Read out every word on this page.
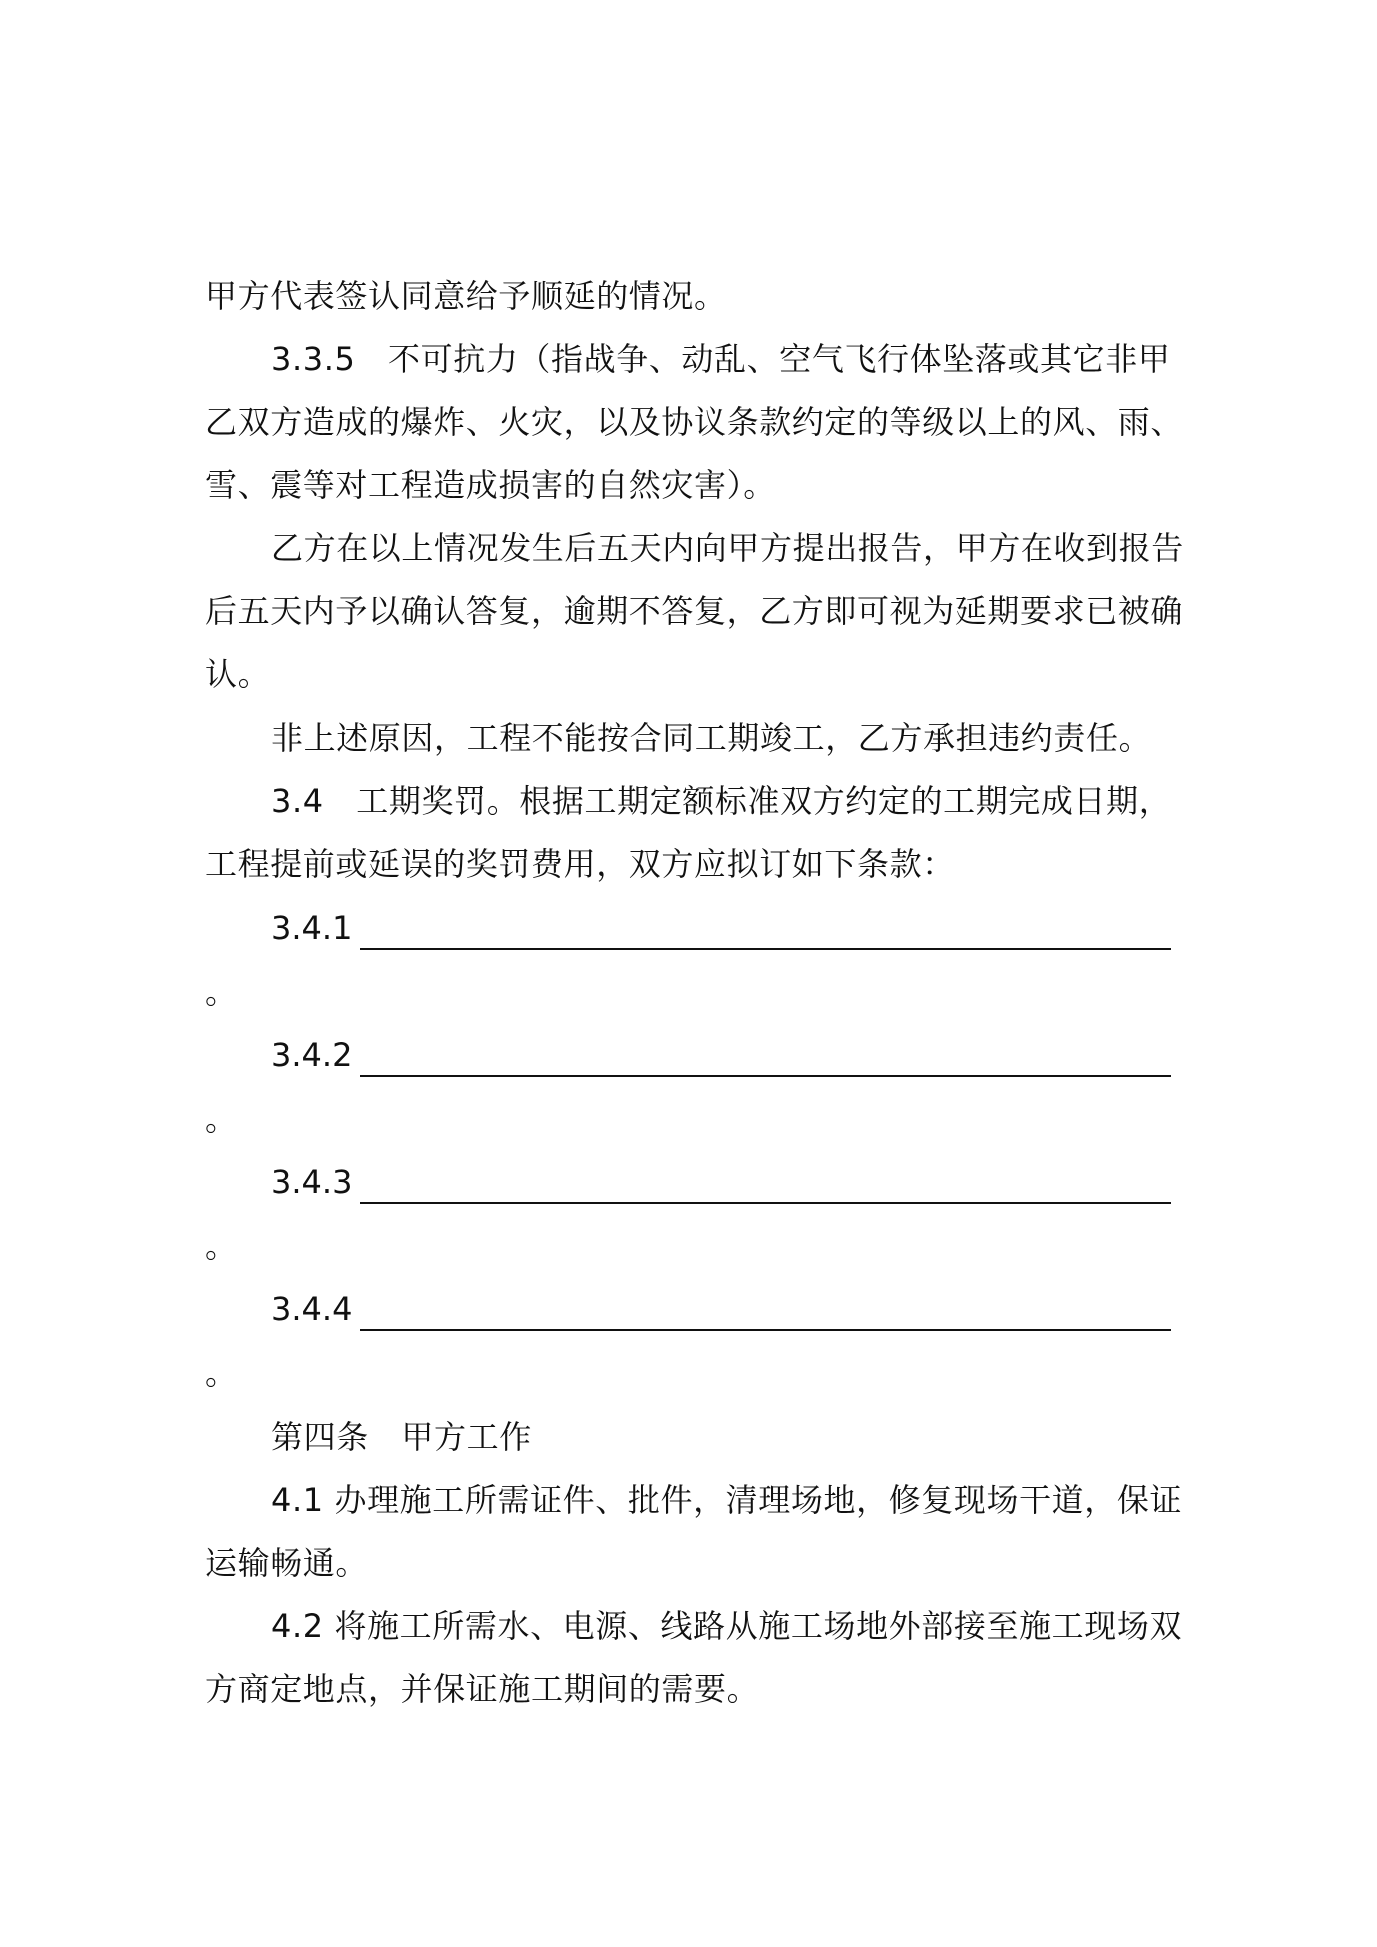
甲方代表签认同意给予顺延的情况。
3.3.5　不可抗力（指战争、动乱、空气飞行体坠落或其它非甲
乙双方造成的爆炸、火灾，以及协议条款约定的等级以上的风、雨、
雪、震等对工程造成损害的自然灾害）。
乙方在以上情况发生后五天内向甲方提出报告，甲方在收到报告
后五天内予以确认答复，逾期不答复，乙方即可视为延期要求已被确
认。
非上述原因，工程不能按合同工期竣工，乙方承担违约责任。
3.4　工期奖罚。根据工期定额标准双方约定的工期完成日期，
工程提前或延误的奖罚费用，双方应拟订如下条款：
3.4.1
。
3.4.2
。
3.4.3
。
3.4.4
。
第四条　甲方工作
4.1 办理施工所需证件、批件，清理场地，修复现场干道，保证
运输畅通。
4.2 将施工所需水、电源、线路从施工场地外部接至施工现场双
方商定地点，并保证施工期间的需要。
